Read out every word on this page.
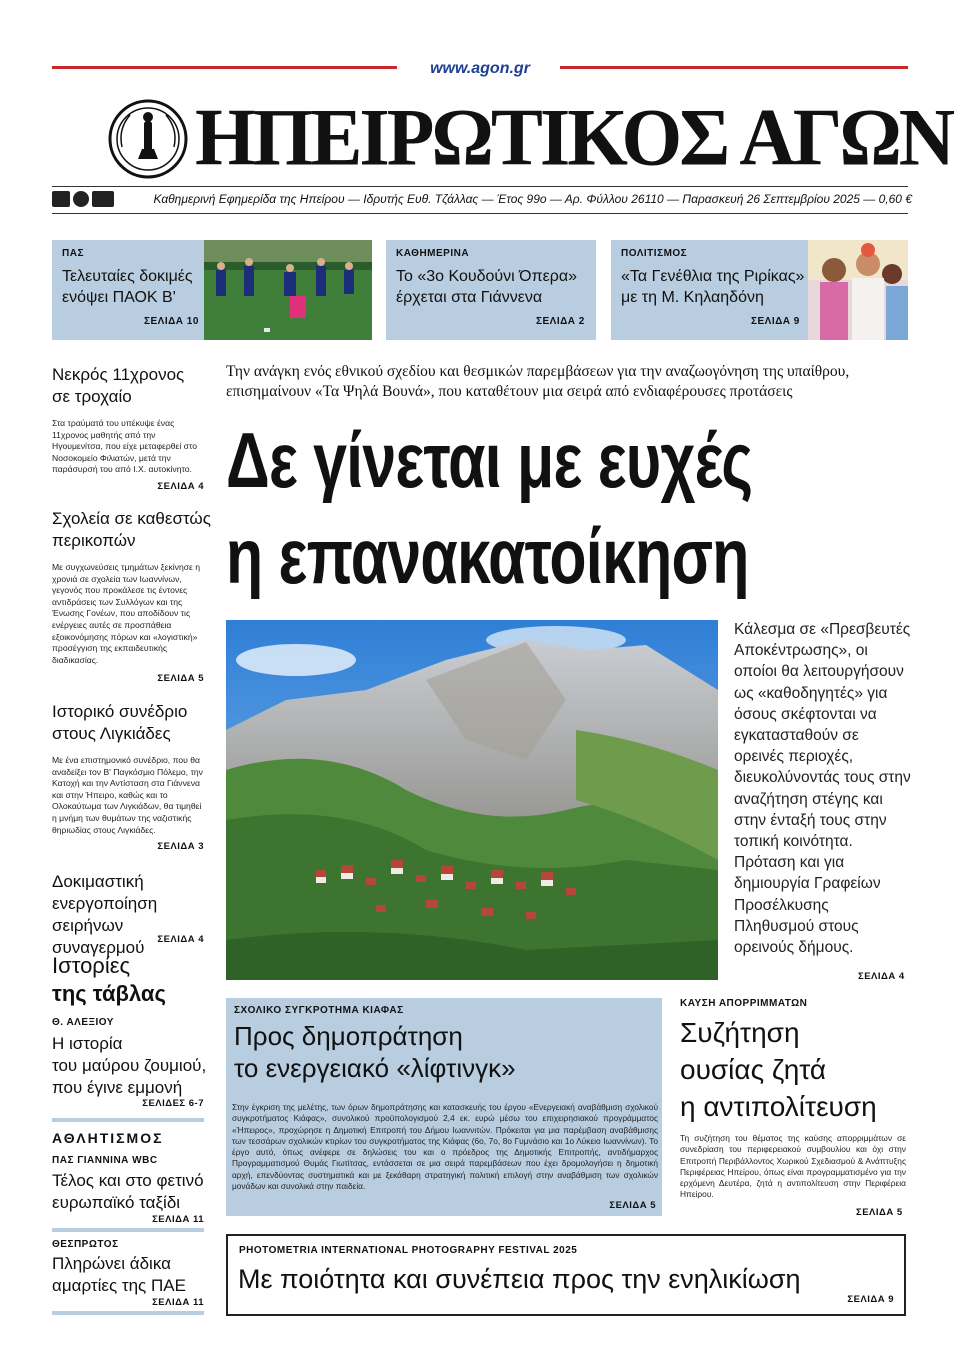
www.agon.gr
ΗΠΕΙΡΩΤΙΚΟΣ ΑΓΩΝ
Καθημερινή Εφημερίδα της Ηπείρου — Ιδρυτής Ευθ. Τζάλλας — Έτος 99ο — Αρ. Φύλλου 26110 — Παρασκευή 26 Σεπτεμβρίου 2025 — 0,60 €
ΠΑΣ
Τελευταίες δοκιμές
ενόψει ΠΑΟΚ Β'
ΣΕΛΙΔΑ 10
ΚΑΘΗΜΕΡΙΝΑ
Το «3ο Κουδούνι Όπερα»
έρχεται στα Γιάννενα
ΣΕΛΙΔΑ 2
ΠΟΛΙΤΙΣΜΟΣ
«Τα Γενέθλια της Ριρίκας»
με τη Μ. Κηλαηδόνη
ΣΕΛΙΔΑ 9
Νεκρός 11χρονος
σε τροχαίο
Στα τραύματά του υπέκυψε ένας 11χρονος μαθητής από την Ηγουμενίτσα, που είχε μεταφερθεί στο Νοσοκομείο Φιλιατών, μετά την παράσυρσή του από Ι.Χ. αυτοκίνητο.
ΣΕΛΙΔΑ 4
Σχολεία σε καθεστώς
περικοπών
Με συγχωνεύσεις τμημάτων ξεκίνησε η χρονιά σε σχολεία των Ιωαννίνων, γεγονός που προκάλεσε τις έντονες αντιδράσεις των Συλλόγων και της Ένωσης Γονέων, που αποδίδουν τις ενέργειες αυτές σε προσπάθεια εξοικονόμησης πόρων και «λογιστική» προσέγγιση της εκπαιδευτικής διαδικασίας.
ΣΕΛΙΔΑ 5
Ιστορικό συνέδριο
στους Λιγκιάδες
Με ένα επιστημονικό συνέδριο, που θα αναδείξει τον Β' Παγκόσμιο Πόλεμο, την Κατοχή και την Αντίσταση στα Γιάννενα και στην Ήπειρο, καθώς και το Ολοκαύτωμα των Λιγκιάδων, θα τιμηθεί η μνήμη των θυμάτων της ναζιστικής θηριωδίας στους Λιγκιάδες.
ΣΕΛΙΔΑ 3
Δοκιμαστική
ενεργοποίηση
σειρήνων συναγερμού	ΣΕΛΙΔΑ 4
Ιστορίες
της τάβλας
Θ. ΑΛΕΞΙΟΥ
Η ιστορία
του μαύρου ζουμιού,
που έγινε εμμονή
ΣΕΛΙΔΕΣ 6-7
ΑΘΛΗΤΙΣΜΟΣ
ΠΑΣ ΓΙΑΝΝΙΝΑ WBC
Τέλος και στο φετινό
ευρωπαϊκό ταξίδι
ΣΕΛΙΔΑ 11
ΘΕΣΠΡΩΤΟΣ
Πληρώνει άδικα
αμαρτίες της ΠΑΕ
ΣΕΛΙΔΑ 11
Την ανάγκη ενός εθνικού σχεδίου και θεσμικών παρεμβάσεων για την αναζωογόνηση της υπαίθρου, επισημαίνουν «Τα Ψηλά Βουνά», που καταθέτουν μια σειρά από ενδιαφέρουσες προτάσεις
Δε γίνεται με ευχές
η επανακατοίκηση
Κάλεσμα σε «Πρεσβευτές Αποκέντρωσης», οι οποίοι θα λειτουργήσουν ως «καθοδηγητές» για όσους σκέφτονται να εγκατασταθούν σε ορεινές περιοχές, διευκολύνοντάς τους στην αναζήτηση στέγης και στην ένταξή τους στην τοπική κοινότητα. Πρόταση και για δημιουργία Γραφείων Προσέλκυσης Πληθυσμού στους ορεινούς δήμους.
ΣΕΛΙΔΑ 4
ΣΧΟΛΙΚΟ ΣΥΓΚΡΟΤΗΜΑ ΚΙΑΦΑΣ
Προς δημοπράτηση
το ενεργειακό «λίφτινγκ»
Στην έγκριση της μελέτης, των όρων δημοπράτησης και κατασκευής του έργου «Ενεργειακή αναβάθμιση σχολικού συγκροτήματος Κιάφας», συνολικού προϋπολογισμού 2,4 εκ. ευρώ μέσω του επιχειρησιακού προγράμματος «Ήπειρος», προχώρησε η Δημοτική Επιτροπή του Δήμου Ιωαννιτών. Πρόκειται για μια παρέμβαση αναβάθμισης των τεσσάρων σχολικών κτιρίων του συγκροτήματος της Κιάφας (6ο, 7ο, 8ο Γυμνάσιο και 1ο Λύκειο Ιωαννίνων). Το έργο αυτό, όπως ανέφερε σε δηλώσεις του και ο πρόεδρος της Δημοτικής Επιτροπής, αντιδήμαρχος Προγραμματισμού Θυμάς Γιωτίτσας, εντάσσεται σε μια σειρά παρεμβάσεων που έχει δρομολογήσει η δημοτική αρχή, επενδύοντας συστηματικά και με ξεκάθαρη στρατηγική πολιτική επιλογή στην αναβάθμιση των σχολικών μονάδων και συνολικά στην παιδεία.
ΣΕΛΙΔΑ 5
ΚΑΥΣΗ ΑΠΟΡΡΙΜΜΑΤΩΝ
Συζήτηση
ουσίας ζητά
η αντιπολίτευση
Τη συζήτηση του θέματος της καύσης απορριμμάτων σε συνεδρίαση του περιφερειακού συμβουλίου και όχι στην Επιτροπή Περιβάλλοντος Χωρικού Σχεδιασμού & Ανάπτυξης Περιφέρειας Ηπείρου, όπως είναι προγραμματισμένο για την ερχόμενη Δευτέρα, ζητά η αντιπολίτευση στην Περιφέρεια Ηπείρου.
ΣΕΛΙΔΑ 5
PHOTOMETRIA INTERNATIONAL PHOTOGRAPHY FESTIVAL 2025
Με ποιότητα και συνέπεια προς την ενηλικίωση
ΣΕΛΙΔΑ 9
